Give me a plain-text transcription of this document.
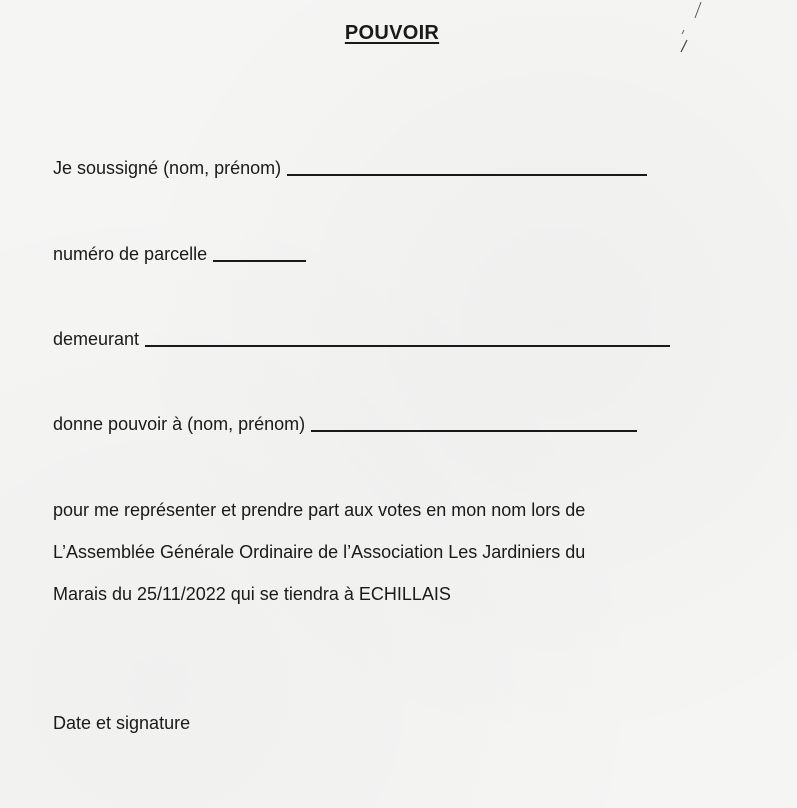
POUVOIR
Je soussigné (nom, prénom)
numéro de parcelle
demeurant
donne pouvoir à (nom, prénom)
pour me représenter et prendre part aux votes en mon nom lors de
L’Assemblée Générale Ordinaire de l’Association Les Jardiniers du
Marais du 25/11/2022 qui se tiendra à ECHILLAIS
Date et signature
